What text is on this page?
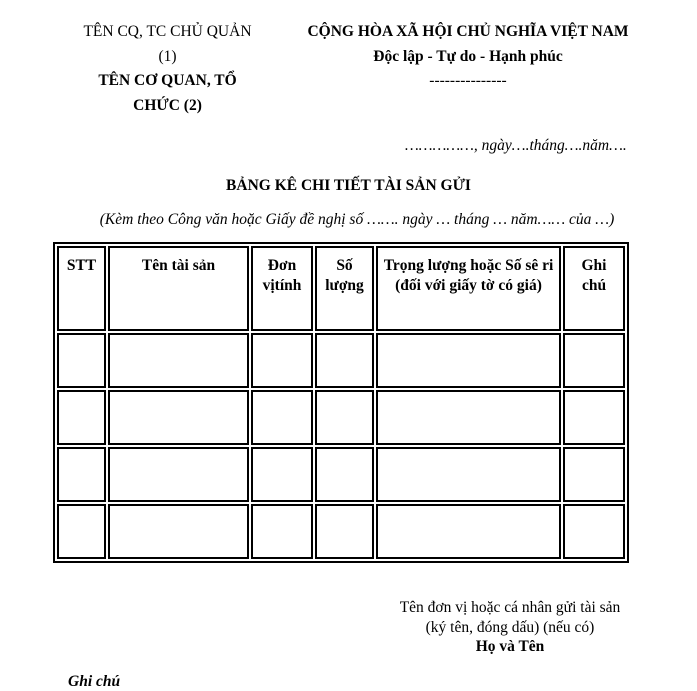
TÊN CQ, TC CHỦ QUẢN
(1)
TÊN CƠ QUAN, TỔ
CHỨC (2)
CỘNG HÒA XÃ HỘI CHỦ NGHĨA VIỆT NAM
Độc lập - Tự do - Hạnh phúc
---------------
……………, ngày….tháng….năm….
BẢNG KÊ CHI TIẾT TÀI SẢN GỬI
(Kèm theo Công văn hoặc Giấy đề nghị số ……. ngày … tháng … năm…… của …)
STT	Tên tài sản	Đơn vịtính	Số lượng	Trọng lượng hoặc Số sê ri (đối với giấy tờ có giá)	Ghi chú

Tên đơn vị hoặc cá nhân gửi tài sản
(ký tên, đóng dấu) (nếu có)
Họ và Tên
Ghi chú
